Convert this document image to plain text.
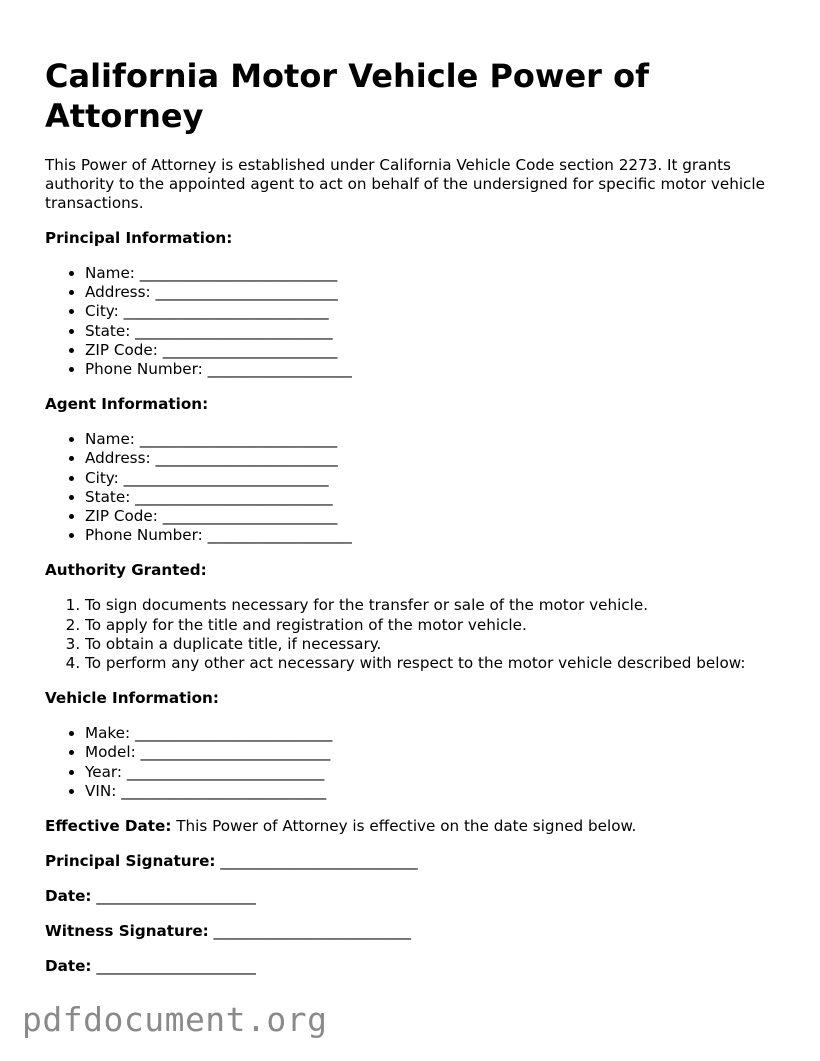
California Motor Vehicle Power of Attorney

This Power of Attorney is established under California Vehicle Code section 2273. It grants authority to the appointed agent to act on behalf of the undersigned for specific motor vehicle transactions.

Principal Information:

• Name: __________________________
• Address: ________________________
• City: ___________________________
• State: __________________________
• ZIP Code: _______________________
• Phone Number: ___________________

Agent Information:

• Name: __________________________
• Address: ________________________
• City: ___________________________
• State: __________________________
• ZIP Code: _______________________
• Phone Number: ___________________

Authority Granted:

1. To sign documents necessary for the transfer or sale of the motor vehicle.
2. To apply for the title and registration of the motor vehicle.
3. To obtain a duplicate title, if necessary.
4. To perform any other act necessary with respect to the motor vehicle described below:

Vehicle Information:

• Make: __________________________
• Model: _________________________
• Year: __________________________
• VIN: ___________________________

Effective Date: This Power of Attorney is effective on the date signed below.

Principal Signature: __________________________

Date: _____________________

Witness Signature: __________________________

Date: _____________________

pdfdocument.org
